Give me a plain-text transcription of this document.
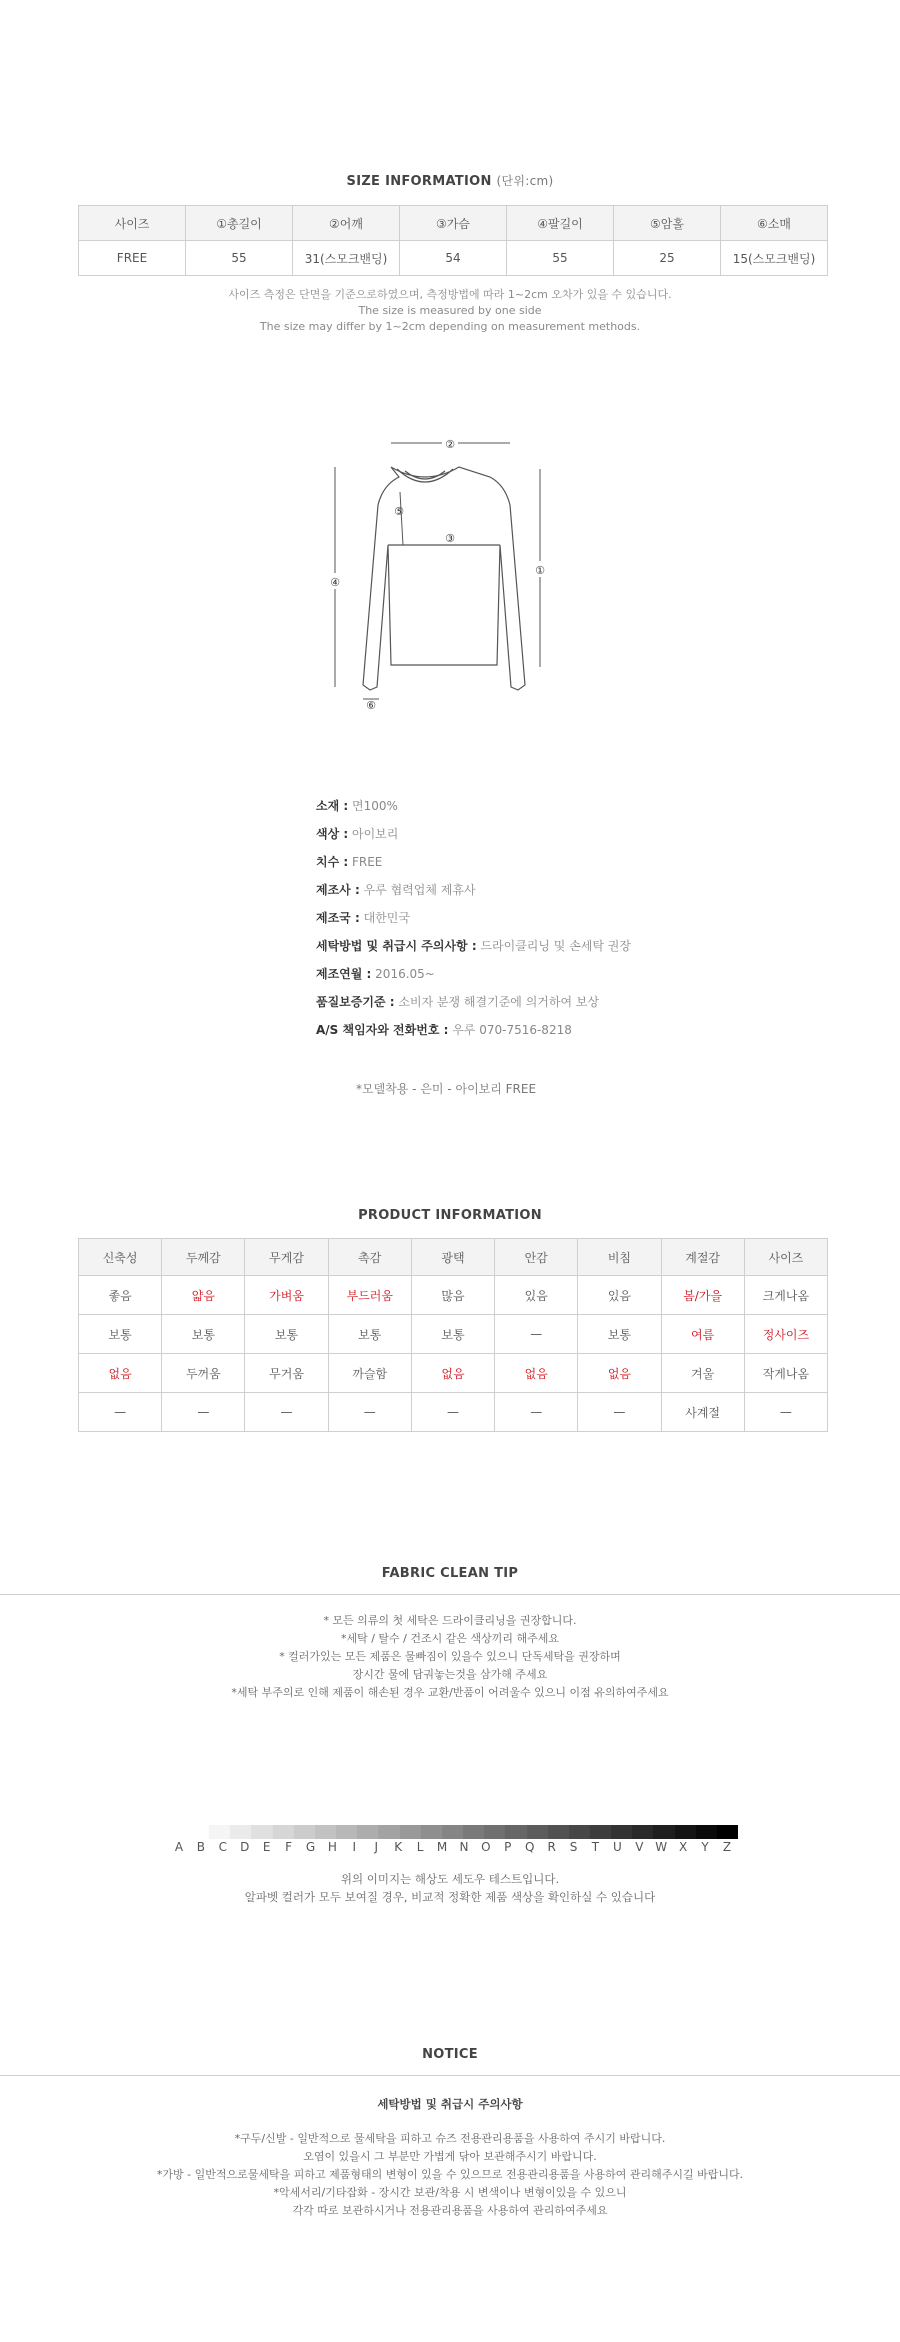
SIZE INFORMATION (단위:cm)
사이즈	①총길이	②어깨	③가슴	④팔길이	⑤암홀	⑥소매
FREE	55	31(스모크밴딩)	54	55	25	15(스모크밴딩)
사이즈 측정은 단면을 기준으로하였으며, 측정방법에 따라 1~2cm 오차가 있을 수 있습니다.
The size is measured by one side
The size may differ by 1~2cm depending on measurement methods.
②
①
③
④
⑤
⑥
소재 : 면100%
색상 : 아이보리
치수 : FREE
제조사 : 우루 협력업체 제휴사
제조국 : 대한민국
세탁방법 및 취급시 주의사항 : 드라이클리닝 및 손세탁 권장
제조연월 : 2016.05~
품질보증기준 : 소비자 분쟁 해결기준에 의거하여 보상
A/S 책임자와 전화번호 : 우루 070-7516-8218
*모델착용 - 은미 - 아이보리 FREE
PRODUCT INFORMATION
신축성	두께감	무게감	촉감	광택	안감	비침	계절감	사이즈
좋음	얇음	가벼움	부드러움	많음	있음	있음	봄/가을	크게나옴
보통	보통	보통	보통	보통	—	보통	여름	정사이즈
없음	두꺼움	무거움	까슬함	없음	없음	없음	겨울	작게나옴
—	—	—	—	—	—	—	사계절	—
FABRIC CLEAN TIP
* 모든 의류의 첫 세탁은 드라이클리닝을 권장합니다.
*세탁 / 탈수 / 건조시 같은 색상끼리 해주세요
* 컬러가있는 모든 제품은 물빠짐이 있을수 있으니 단독세탁을 권장하며
장시간 물에 담궈놓는것을 삼가해 주세요
*세탁 부주의로 인해 제품이 해손된 경우 교환/반품이 어려울수 있으니 이점 유의하여주세요
A	B	C	D	E	F	G	H	I	J	K	L	M	N	O	P	Q	R	S	T	U	V W X	Y	Z
위의 이미지는 해상도 세도우 테스트입니다.
알파벳 컬러가 모두 보여질 경우, 비교적 정확한 제품 색상을 확인하실 수 있습니다
NOTICE
세탁방법 및 취급시 주의사항
*구두/신발 - 일반적으로 물세탁을 피하고 슈즈 전용관리용품을 사용하여 주시기 바랍니다.
오염이 있을시 그 부분만 가볍게 닦아 보관해주시기 바랍니다.
*가방 - 일반적으로물세탁을 피하고 제품형태의 변형이 있을 수 있으므로 전용관리용품을 사용하여 관리해주시길 바랍니다.
*악세서리/기타잡화 - 장시간 보관/착용 시 변색이나 변형이있을 수 있으니
각각 따로 보관하시거나 전용관리용품을 사용하여 관리하여주세요
